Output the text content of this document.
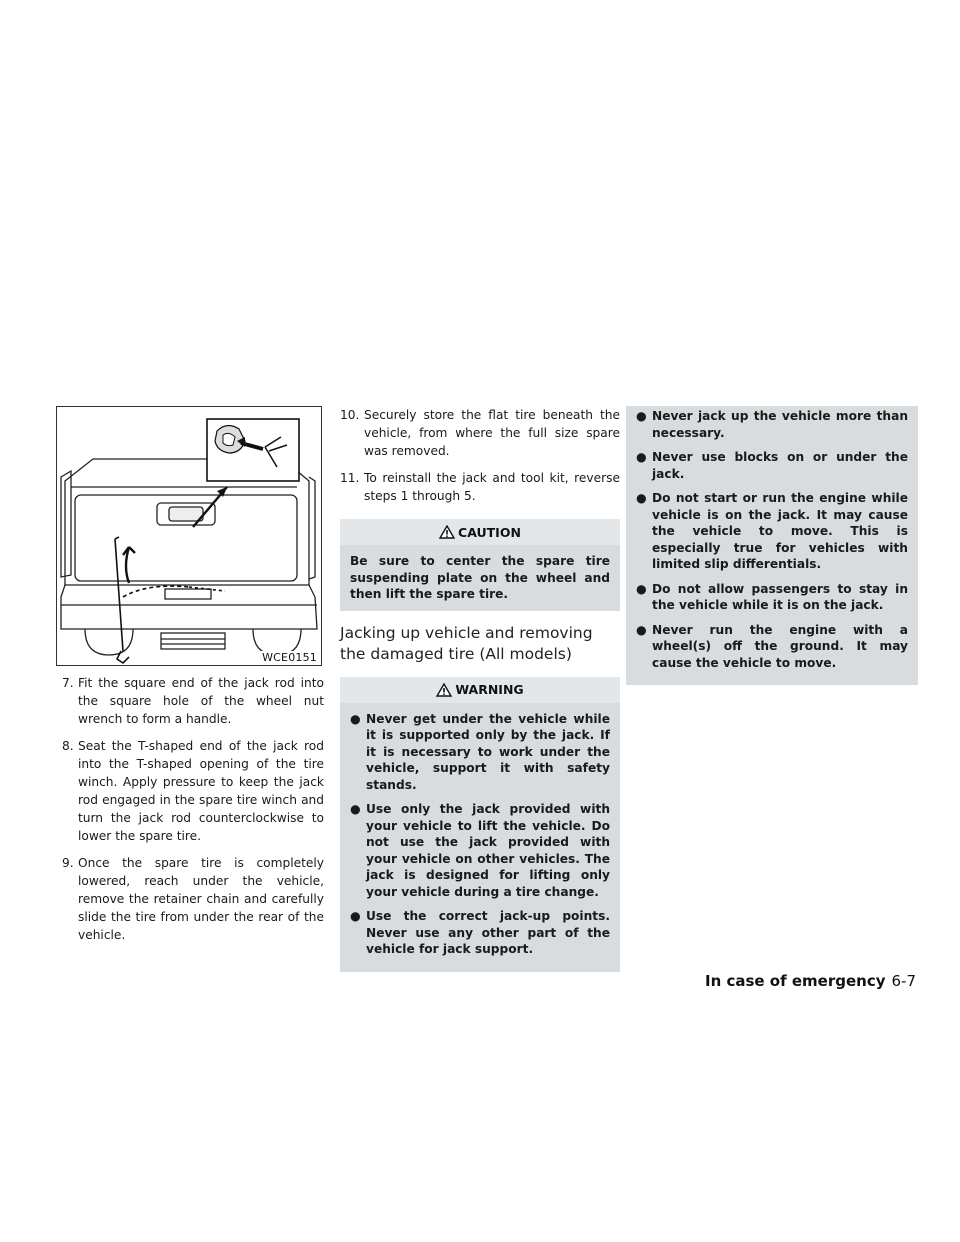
WCE0151
7. Fit the square end of the jack rod into the square hole of the wheel nut wrench to form a handle.

8. Seat the T-shaped end of the jack rod into the T-shaped opening of the tire winch. Apply pressure to keep the jack rod engaged in the spare tire winch and turn the jack rod counterclockwise to lower the spare tire.

9. Once the spare tire is completely lowered, reach under the vehicle, remove the retainer chain and carefully slide the tire from under the rear of the vehicle.

10. Securely store the flat tire beneath the vehicle, from where the full size spare was removed.

11. To reinstall the jack and tool kit, reverse steps 1 through 5.

CAUTION
Be sure to center the spare tire suspending plate on the wheel and then lift the spare tire.
Jacking up vehicle and removing the damaged tire (All models)
WARNING
● Never get under the vehicle while it is supported only by the jack. If it is necessary to work under the vehicle, support it with safety stands.
● Use only the jack provided with your vehicle to lift the vehicle. Do not use the jack provided with your vehicle on other vehicles. The jack is designed for lifting only your vehicle during a tire change.
● Use the correct jack-up points. Never use any other part of the vehicle for jack support.
● Never jack up the vehicle more than necessary.
● Never use blocks on or under the jack.
● Do not start or run the engine while vehicle is on the jack. It may cause the vehicle to move. This is especially true for vehicles with limited slip differentials.
● Do not allow passengers to stay in the vehicle while it is on the jack.
● Never run the engine with a wheel(s) off the ground. It may cause the vehicle to move.
In case of emergency 6-7
